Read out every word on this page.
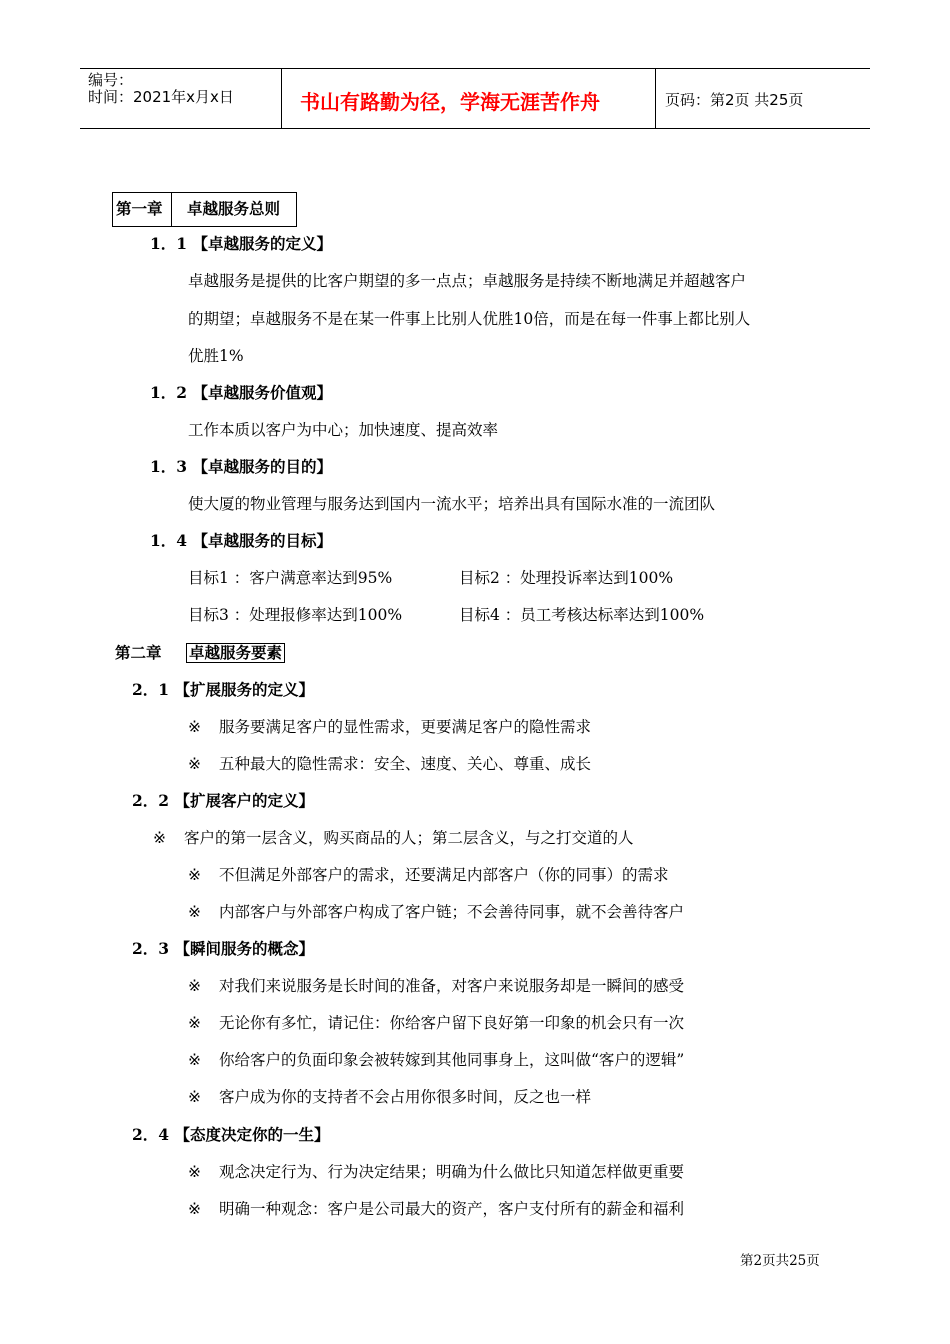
编号：
时间：2021年x月x日	书山有路勤为径，学海无涯苦作舟	页码：第2页 共25页
第一章 卓越服务总则
1．1 【卓越服务的定义】
卓越服务是提供的比客户期望的多一点点；卓越服务是持续不断地满足并超越客户
的期望；卓越服务不是在某一件事上比别人优胜10倍，而是在每一件事上都比别人
优胜1%
1．2 【卓越服务价值观】
工作本质以客户为中心；加快速度、提高效率
1．3 【卓越服务的目的】
使大厦的物业管理与服务达到国内一流水平；培养出具有国际水准的一流团队
1．4 【卓越服务的目标】
目标1 ：客户满意率达到95%	目标2 ：处理投诉率达到100%
目标3 ：处理报修率达到100%	目标4 ：员工考核达标率达到100%
第二章 卓越服务要素
2．1 【扩展服务的定义】
※ 服务要满足客户的显性需求，更要满足客户的隐性需求
※ 五种最大的隐性需求：安全、速度、关心、尊重、成长
2．2 【扩展客户的定义】
※ 客户的第一层含义，购买商品的人；第二层含义，与之打交道的人
※ 不但满足外部客户的需求，还要满足内部客户（你的同事）的需求
※ 内部客户与外部客户构成了客户链；不会善待同事，就不会善待客户
2．3 【瞬间服务的概念】
※ 对我们来说服务是长时间的准备，对客户来说服务却是一瞬间的感受
※ 无论你有多忙，请记住：你给客户留下良好第一印象的机会只有一次
※ 你给客户的负面印象会被转嫁到其他同事身上，这叫做“客户的逻辑”
※ 客户成为你的支持者不会占用你很多时间，反之也一样
2．4 【态度决定你的一生】
※ 观念决定行为、行为决定结果；明确为什么做比只知道怎样做更重要
※ 明确一种观念：客户是公司最大的资产，客户支付所有的薪金和福利
第2页共25页
